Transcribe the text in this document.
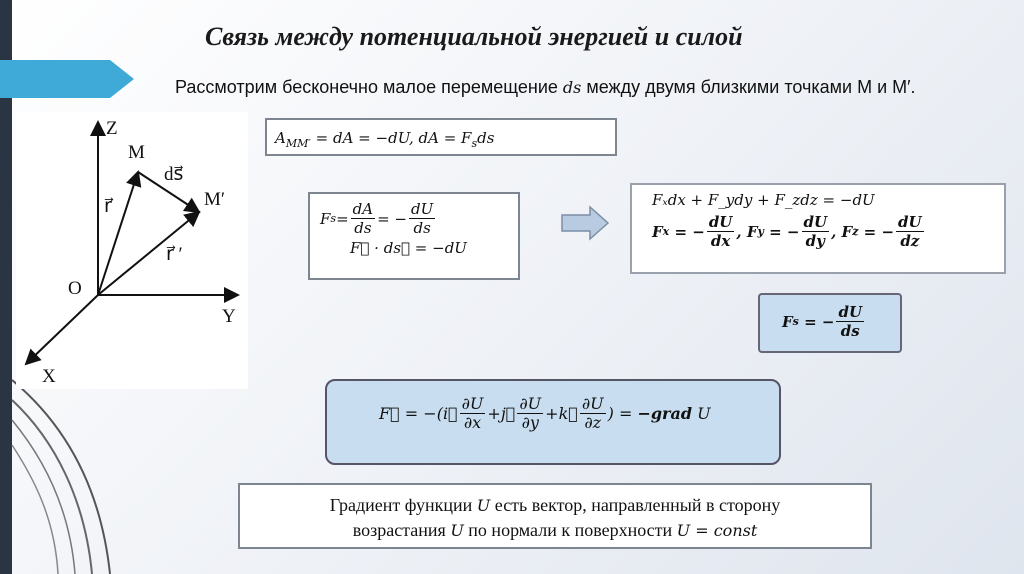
Связь между потенциальной энергией и силой
Рассмотрим бесконечно малое перемещение ds между двумя близкими точками M и M′.
Z
Y
X
O
M
M′
r⃗
r⃗ ′
ds⃗
$A_{MM'}$ = dA = −dU, dA = $F_sds$
F $s = \frac{dA}{ds}$ = − $\frac{dU}{ds}$
F⃗ · ds⃗ = −dU
Fₓdx + F_ydy + F_zdz = −dU
F x = − $\frac{dU}{dx}$ , F y = − $\frac{dU}{dy}$ , F z = − $\frac{dU}{dz}$
F s = − $\frac{dU}{ds}$
F⃗ = −( i⃗ $\frac{\partial U}{\partial x}$ + j⃗ $\frac{\partial U}{\partial y}$ + k⃗ $\frac{\partial U}{\partial z}$ ) = −grad
U
Градиент функции U есть вектор, направленный в сторону
возрастания U по нормали к поверхности U = const
